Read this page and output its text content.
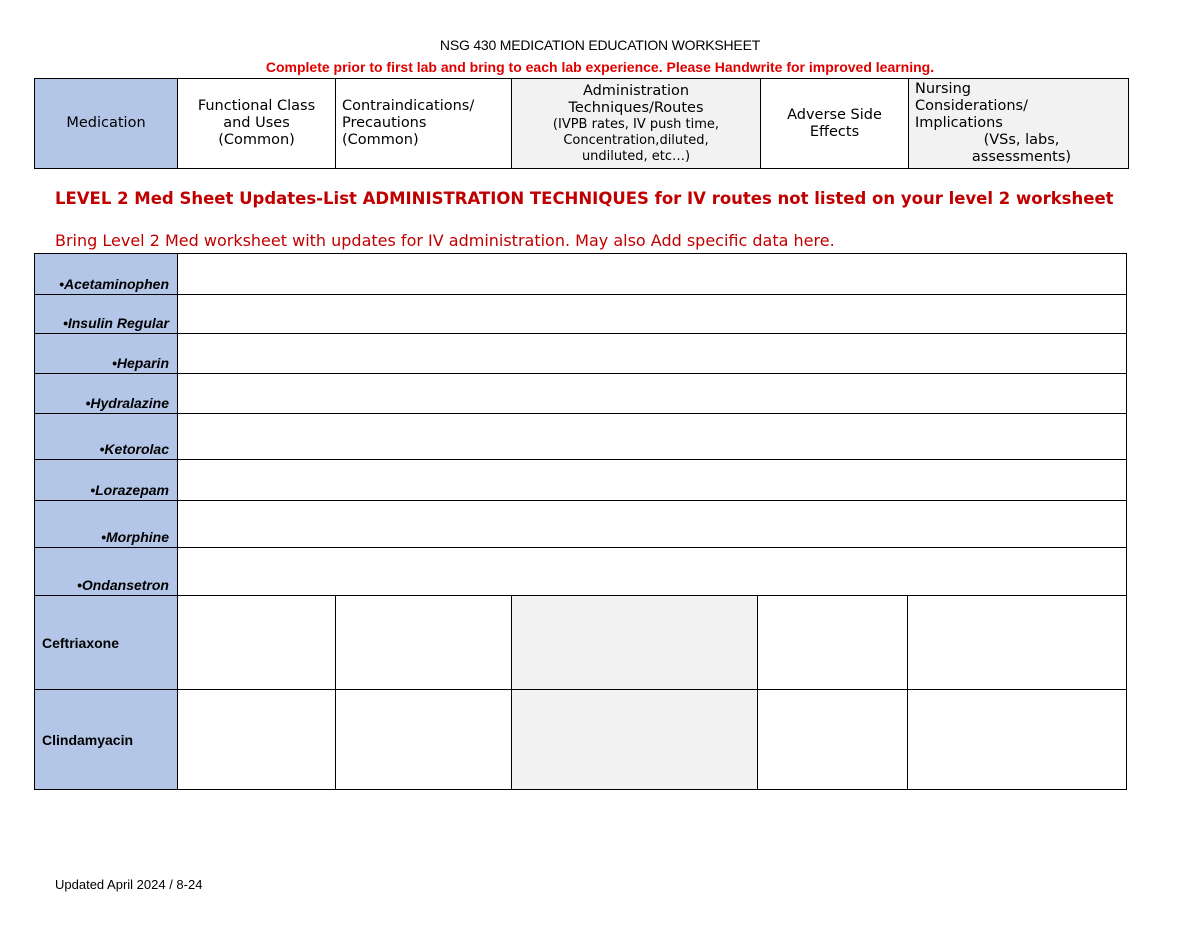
NSG 430 MEDICATION EDUCATION WORKSHEET
Complete prior to first lab and bring to each lab experience. Please Handwrite for improved learning.
Medication	
Functional Class
and Uses
(Common)

Contraindications/
Precautions
(Common)

Administration
Techniques/Routes
(IVPB rates, IV push time,
Concentration,diluted,
undiluted, etc…)

Adverse Side
Effects

Nursing
Considerations/
Implications
(VSs, labs,
assessments)
LEVEL 2 Med Sheet Updates-List ADMINISTRATION TECHNIQUES for IV routes not listed on your level 2 worksheet
Bring Level 2 Med worksheet with updates for IV administration. May also Add specific data here.
•Acetaminophen					
•Insulin Regular					
•Heparin					
•Hydralazine					
•Ketorolac					
•Lorazepam					
•Morphine					
•Ondansetron					
Ceftriaxone					
Clindamyacin					
Updated April 2024 / 8-24
